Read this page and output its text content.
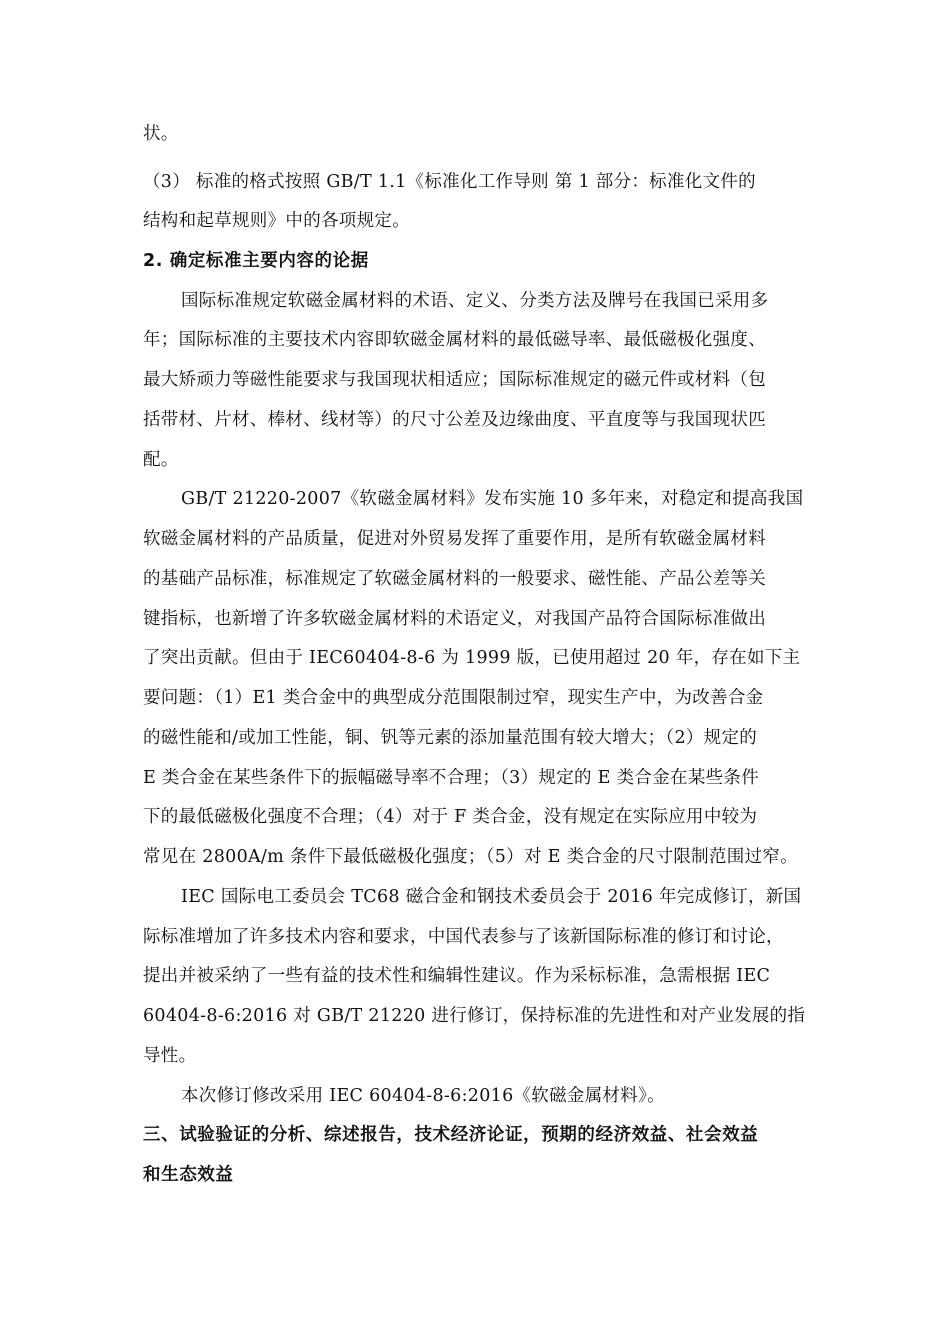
状。
（3） 标准的格式按照 GB/T 1.1《标准化工作导则 第 1 部分：标准化文件的
结构和起草规则》中的各项规定。
2. 确定标准主要内容的论据
国际标准规定软磁金属材料的术语、定义、分类方法及牌号在我国已采用多
年；国际标准的主要技术内容即软磁金属材料的最低磁导率、最低磁极化强度、
最大矫顽力等磁性能要求与我国现状相适应；国际标准规定的磁元件或材料（包
括带材、片材、棒材、线材等）的尺寸公差及边缘曲度、平直度等与我国现状匹
配。
GB/T 21220-2007《软磁金属材料》发布实施 10 多年来，对稳定和提高我国
软磁金属材料的产品质量，促进对外贸易发挥了重要作用，是所有软磁金属材料
的基础产品标准，标准规定了软磁金属材料的一般要求、磁性能、产品公差等关
键指标，也新增了许多软磁金属材料的术语定义，对我国产品符合国际标准做出
了突出贡献。但由于 IEC60404-8-6 为 1999 版，已使用超过 20 年，存在如下主
要问题：（1）E1 类合金中的典型成分范围限制过窄，现实生产中，为改善合金
的磁性能和/或加工性能，铜、钒等元素的添加量范围有较大增大；（2）规定的
E 类合金在某些条件下的振幅磁导率不合理；（3）规定的 E 类合金在某些条件
下的最低磁极化强度不合理；（4）对于 F 类合金，没有规定在实际应用中较为
常见在 2800A/m 条件下最低磁极化强度；（5）对 E 类合金的尺寸限制范围过窄。
IEC 国际电工委员会 TC68 磁合金和钢技术委员会于 2016 年完成修订，新国
际标准增加了许多技术内容和要求，中国代表参与了该新国际标准的修订和讨论，
提出并被采纳了一些有益的技术性和编辑性建议。作为采标标准，急需根据 IEC
60404-8-6:2016 对 GB/T 21220 进行修订，保持标准的先进性和对产业发展的指
导性。
本次修订修改采用 IEC 60404-8-6:2016《软磁金属材料》。
三、试验验证的分析、综述报告，技术经济论证，预期的经济效益、社会效益
和生态效益
